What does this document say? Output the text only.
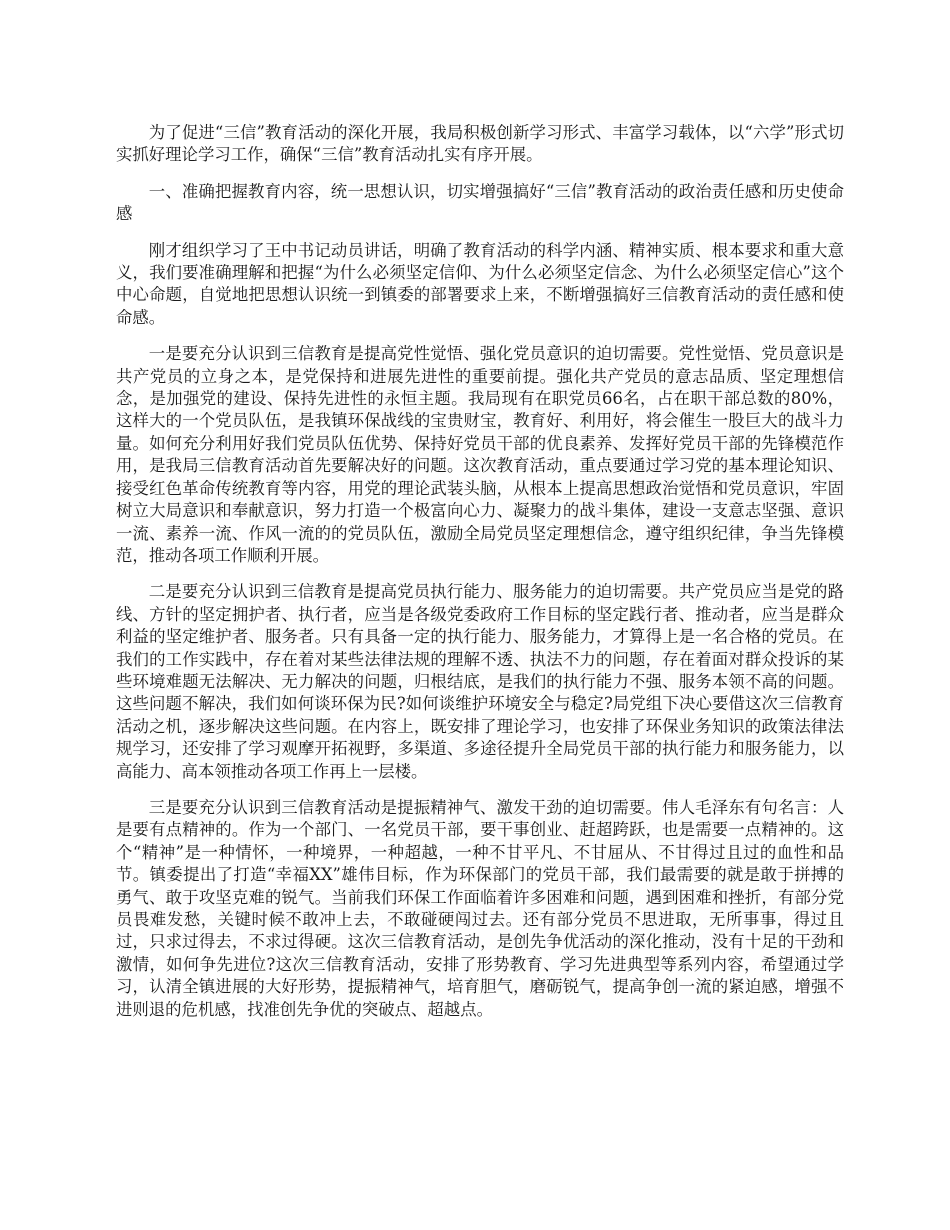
为了促进“三信”教育活动的深化开展，我局积极创新学习形式、丰富学习载体，以“六学”形式切实抓好理论学习工作，确保“三信”教育活动扎实有序开展。

一、准确把握教育内容，统一思想认识，切实增强搞好“三信”教育活动的政治责任感和历史使命感

刚才组织学习了王中书记动员讲话，明确了教育活动的科学内涵、精神实质、根本要求和重大意义，我们要准确理解和把握“为什么必须坚定信仰、为什么必须坚定信念、为什么必须坚定信心”这个中心命题，自觉地把思想认识统一到镇委的部署要求上来，不断增强搞好三信教育活动的责任感和使命感。

一是要充分认识到三信教育是提高党性觉悟、强化党员意识的迫切需要。党性觉悟、党员意识是共产党员的立身之本，是党保持和进展先进性的重要前提。强化共产党员的意志品质、坚定理想信念，是加强党的建设、保持先进性的永恒主题。我局现有在职党员66名，占在职干部总数的80%，这样大的一个党员队伍，是我镇环保战线的宝贵财宝，教育好、利用好，将会催生一股巨大的战斗力量。如何充分利用好我们党员队伍优势、保持好党员干部的优良素养、发挥好党员干部的先锋模范作用，是我局三信教育活动首先要解决好的问题。这次教育活动，重点要通过学习党的基本理论知识、接受红色革命传统教育等内容，用党的理论武装头脑，从根本上提高思想政治觉悟和党员意识，牢固树立大局意识和奉献意识，努力打造一个极富向心力、凝聚力的战斗集体，建设一支意志坚强、意识一流、素养一流、作风一流的的党员队伍，激励全局党员坚定理想信念，遵守组织纪律，争当先锋模范，推动各项工作顺利开展。

二是要充分认识到三信教育是提高党员执行能力、服务能力的迫切需要。共产党员应当是党的路线、方针的坚定拥护者、执行者，应当是各级党委政府工作目标的坚定践行者、推动者，应当是群众利益的坚定维护者、服务者。只有具备一定的执行能力、服务能力，才算得上是一名合格的党员。在我们的工作实践中，存在着对某些法律法规的理解不透、执法不力的问题，存在着面对群众投诉的某些环境难题无法解决、无力解决的问题，归根结底，是我们的执行能力不强、服务本领不高的问题。这些问题不解决，我们如何谈环保为民?如何谈维护环境安全与稳定?局党组下决心要借这次三信教育活动之机，逐步解决这些问题。在内容上，既安排了理论学习，也安排了环保业务知识的政策法律法规学习，还安排了学习观摩开拓视野，多渠道、多途径提升全局党员干部的执行能力和服务能力，以高能力、高本领推动各项工作再上一层楼。

三是要充分认识到三信教育活动是提振精神气、激发干劲的迫切需要。伟人毛泽东有句名言：人是要有点精神的。作为一个部门、一名党员干部，要干事创业、赶超跨跃，也是需要一点精神的。这个“精神”是一种情怀，一种境界，一种超越，一种不甘平凡、不甘屈从、不甘得过且过的血性和品节。镇委提出了打造“幸福XX”雄伟目标，作为环保部门的党员干部，我们最需要的就是敢于拼搏的勇气、敢于攻坚克难的锐气。当前我们环保工作面临着许多困难和问题，遇到困难和挫折，有部分党员畏难发愁，关键时候不敢冲上去，不敢碰硬闯过去。还有部分党员不思进取，无所事事，得过且过，只求过得去，不求过得硬。这次三信教育活动，是创先争优活动的深化推动，没有十足的干劲和激情，如何争先进位?这次三信教育活动，安排了形势教育、学习先进典型等系列内容，希望通过学习，认清全镇进展的大好形势，提振精神气，培育胆气，磨砺锐气，提高争创一流的紧迫感，增强不进则退的危机感，找准创先争优的突破点、超越点。
